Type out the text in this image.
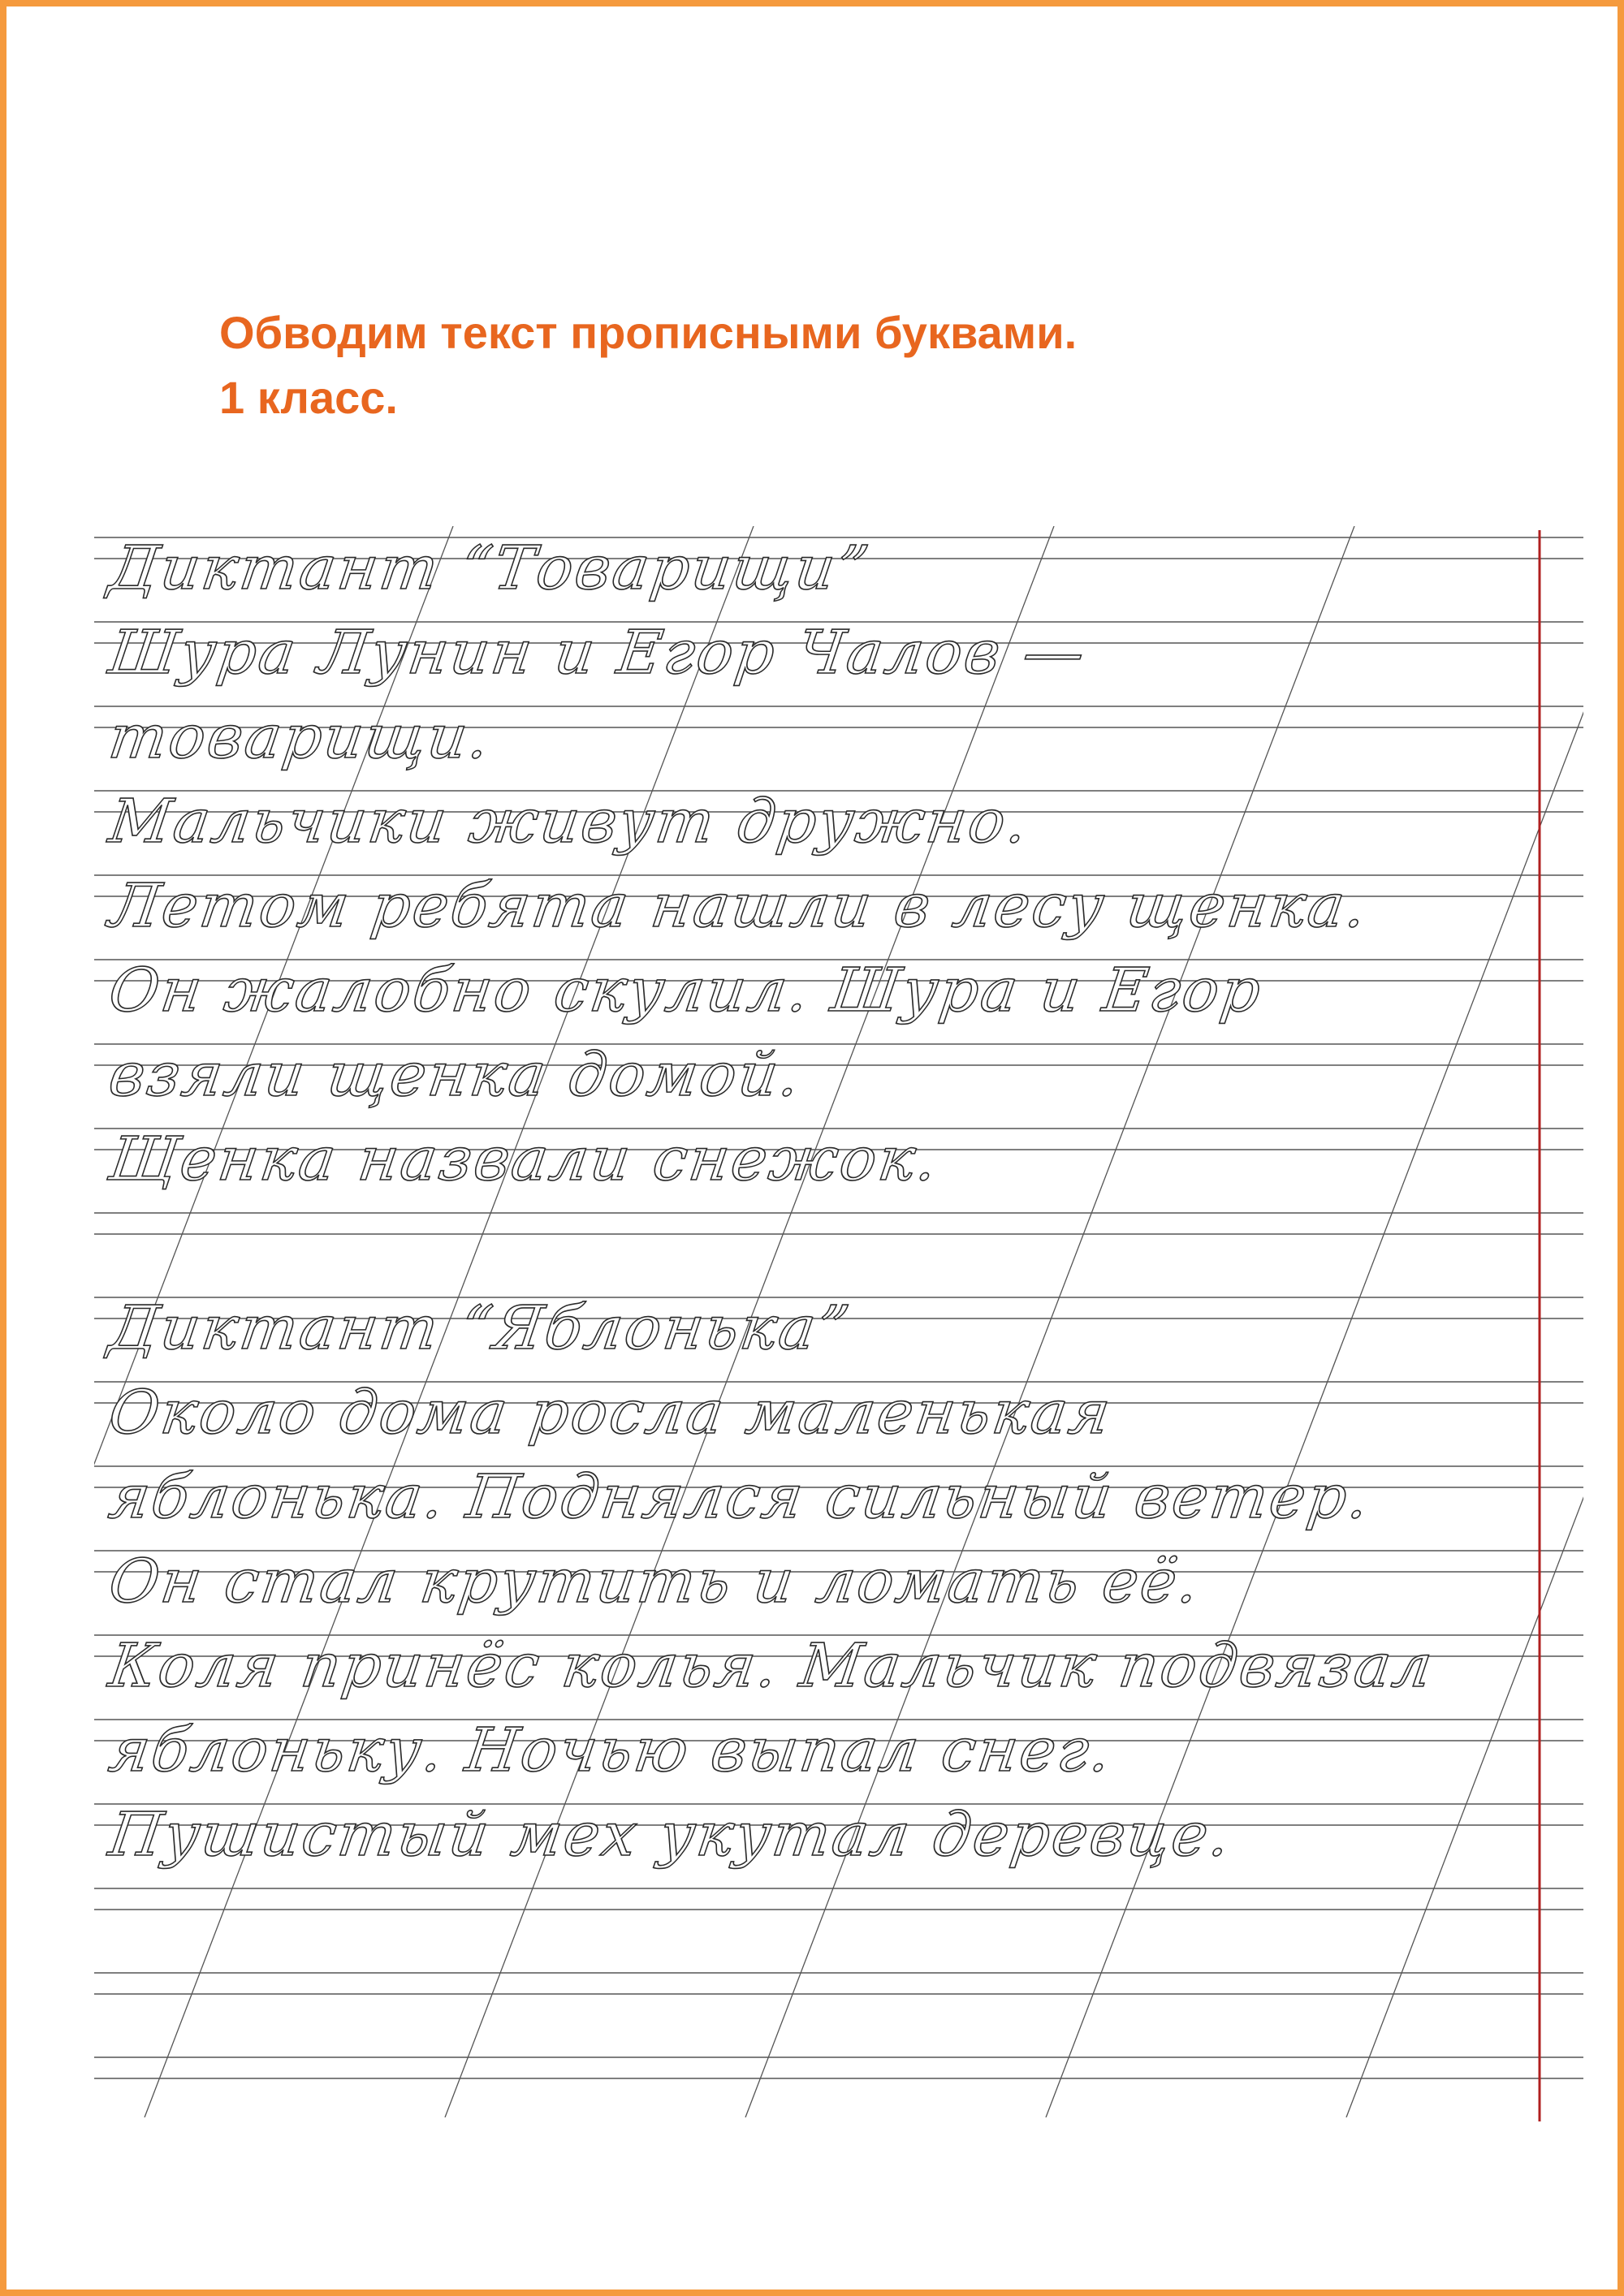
Обводим текст прописными буквами.
1 класс.
Диктант “Товарищи”
Шура Лунин и Егор Чалов —
товарищи.
Мальчики живут дружно.
Летом ребята нашли в лесу щенка.
Он жалобно скулил. Шура и Егор
взяли щенка домой.
Щенка назвали снежок.
Диктант “Яблонька”
Около дома росла маленькая
яблонька. Поднялся сильный ветер.
Он стал крутить и ломать её.
Коля принёс колья. Мальчик подвязал
яблоньку. Ночью выпал снег.
Пушистый мех укутал деревце.
